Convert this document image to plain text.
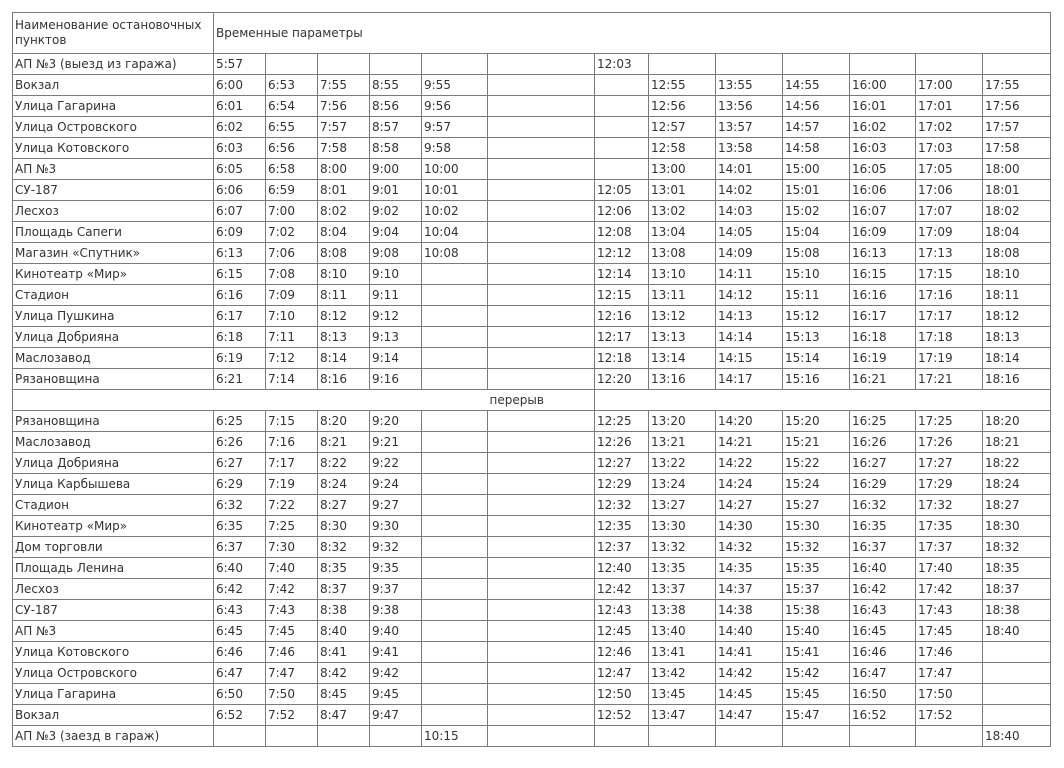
Наименование остановочных пунктов	Временные параметры												
АП №3 (выезд из гаража)	5:57						12:03						
Вокзал	6:00	6:53	7:55	8:55	9:55			12:55	13:55	14:55	16:00	17:00	17:55
Улица Гагарина	6:01	6:54	7:56	8:56	9:56			12:56	13:56	14:56	16:01	17:01	17:56
Улица Островского	6:02	6:55	7:57	8:57	9:57			12:57	13:57	14:57	16:02	17:02	17:57
Улица Котовского	6:03	6:56	7:58	8:58	9:58			12:58	13:58	14:58	16:03	17:03	17:58
АП №3	6:05	6:58	8:00	9:00	10:00			13:00	14:01	15:00	16:05	17:05	18:00
СУ-187	6:06	6:59	8:01	9:01	10:01		12:05	13:01	14:02	15:01	16:06	17:06	18:01
Лесхоз	6:07	7:00	8:02	9:02	10:02		12:06	13:02	14:03	15:02	16:07	17:07	18:02
Площадь Сапеги	6:09	7:02	8:04	9:04	10:04		12:08	13:04	14:05	15:04	16:09	17:09	18:04
Магазин «Спутник»	6:13	7:06	8:08	9:08	10:08		12:12	13:08	14:09	15:08	16:13	17:13	18:08
Кинотеатр «Мир»	6:15	7:08	8:10	9:10			12:14	13:10	14:11	15:10	16:15	17:15	18:10
Стадион	6:16	7:09	8:11	9:11			12:15	13:11	14:12	15:11	16:16	17:16	18:11
Улица Пушкина	6:17	7:10	8:12	9:12			12:16	13:12	14:13	15:12	16:17	17:17	18:12
Улица Добрияна	6:18	7:11	8:13	9:13			12:17	13:13	14:14	15:13	16:18	17:18	18:13
Маслозавод	6:19	7:12	8:14	9:14			12:18	13:14	14:15	15:14	16:19	17:19	18:14
Рязановщина	6:21	7:14	8:16	9:16			12:20	13:16	14:17	15:16	16:21	17:21	18:16
						перерыв							
Рязановщина	6:25	7:15	8:20	9:20			12:25	13:20	14:20	15:20	16:25	17:25	18:20
Маслозавод	6:26	7:16	8:21	9:21			12:26	13:21	14:21	15:21	16:26	17:26	18:21
Улица Добрияна	6:27	7:17	8:22	9:22			12:27	13:22	14:22	15:22	16:27	17:27	18:22
Улица Карбышева	6:29	7:19	8:24	9:24			12:29	13:24	14:24	15:24	16:29	17:29	18:24
Стадион	6:32	7:22	8:27	9:27			12:32	13:27	14:27	15:27	16:32	17:32	18:27
Кинотеатр «Мир»	6:35	7:25	8:30	9:30			12:35	13:30	14:30	15:30	16:35	17:35	18:30
Дом торговли	6:37	7:30	8:32	9:32			12:37	13:32	14:32	15:32	16:37	17:37	18:32
Площадь Ленина	6:40	7:40	8:35	9:35			12:40	13:35	14:35	15:35	16:40	17:40	18:35
Лесхоз	6:42	7:42	8:37	9:37			12:42	13:37	14:37	15:37	16:42	17:42	18:37
СУ-187	6:43	7:43	8:38	9:38			12:43	13:38	14:38	15:38	16:43	17:43	18:38
АП №3	6:45	7:45	8:40	9:40			12:45	13:40	14:40	15:40	16:45	17:45	18:40
Улица Котовского	6:46	7:46	8:41	9:41			12:46	13:41	14:41	15:41	16:46	17:46	
Улица Островского	6:47	7:47	8:42	9:42			12:47	13:42	14:42	15:42	16:47	17:47	
Улица Гагарина	6:50	7:50	8:45	9:45			12:50	13:45	14:45	15:45	16:50	17:50	
Вокзал	6:52	7:52	8:47	9:47			12:52	13:47	14:47	15:47	16:52	17:52	
АП №3 (заезд в гараж)					10:15								18:40
